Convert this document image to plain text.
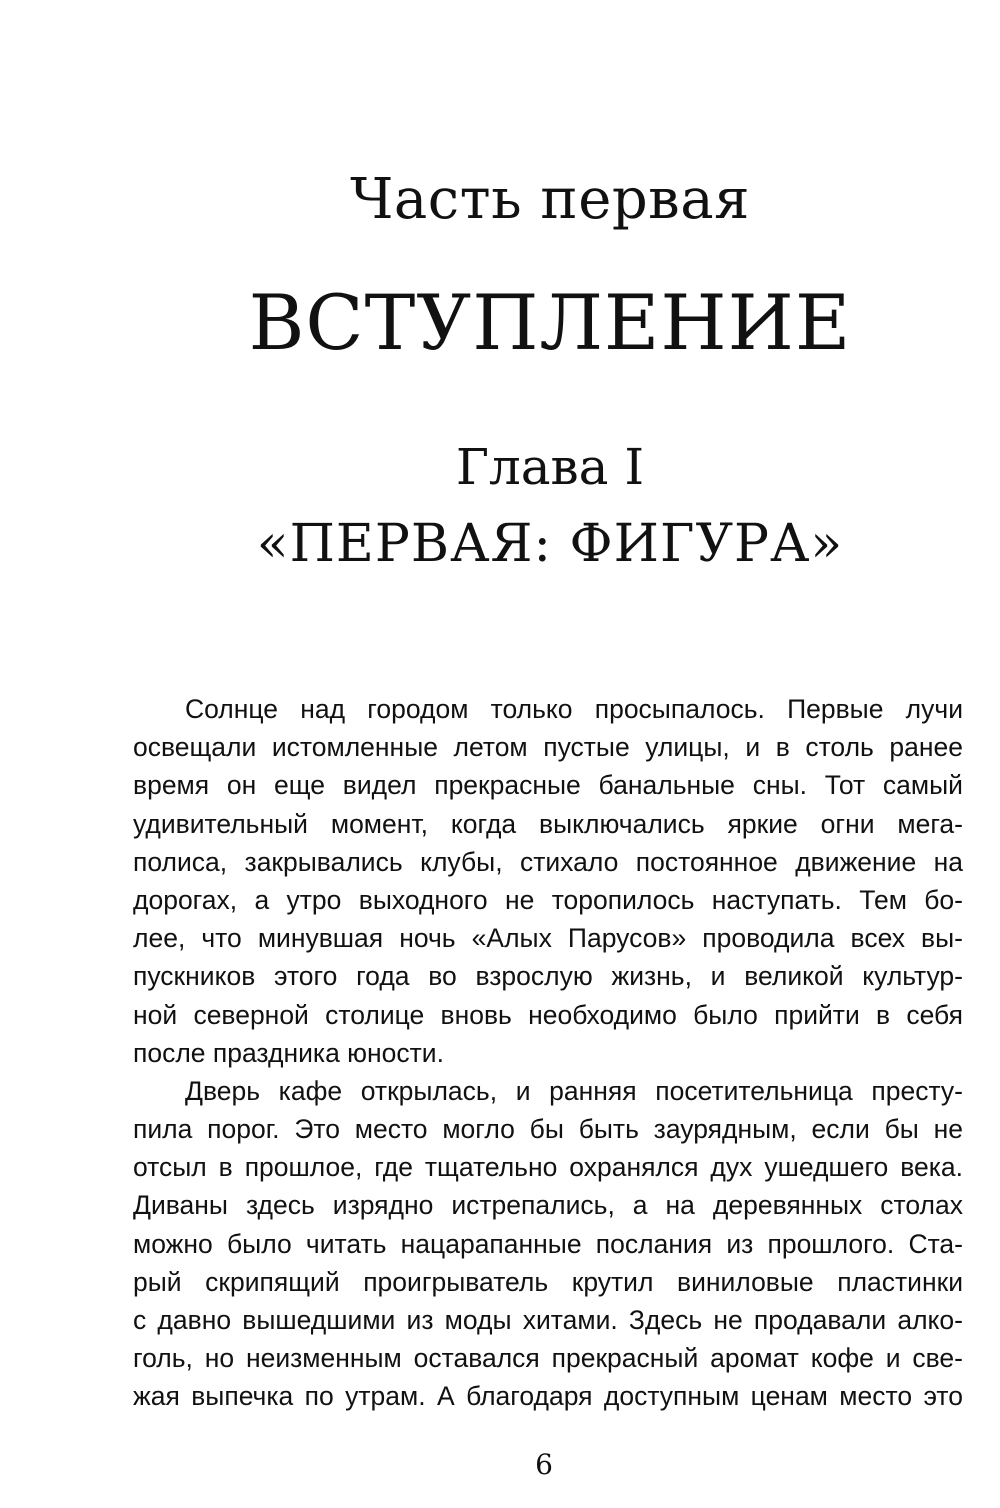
Часть первая
ВСТУПЛЕНИЕ
Глава I
«ПЕРВАЯ: ФИГУРА»
Солнце над городом только просыпалось. Первые лучи
освещали истомленные летом пустые улицы, и в столь ранее
время он еще видел прекрасные банальные сны. Тот самый
удивительный момент, когда выключались яркие огни мега-
полиса, закрывались клубы, стихало постоянное движение на
дорогах, а утро выходного не торопилось наступать. Тем бо-
лее, что минувшая ночь «Алых Парусов» проводила всех вы-
пускников этого года во взрослую жизнь, и великой культур-
ной северной столице вновь необходимо было прийти в себя
после праздника юности.
Дверь кафе открылась, и ранняя посетительница престу-
пила порог. Это место могло бы быть заурядным, если бы не
отсыл в прошлое, где тщательно охранялся дух ушедшего века.
Диваны здесь изрядно истрепались, а на деревянных столах
можно было читать нацарапанные послания из прошлого. Ста-
рый скрипящий проигрыватель крутил виниловые пластинки
с давно вышедшими из моды хитами. Здесь не продавали алко-
голь, но неизменным оставался прекрасный аромат кофе и све-
жая выпечка по утрам. А благодаря доступным ценам место это
6
